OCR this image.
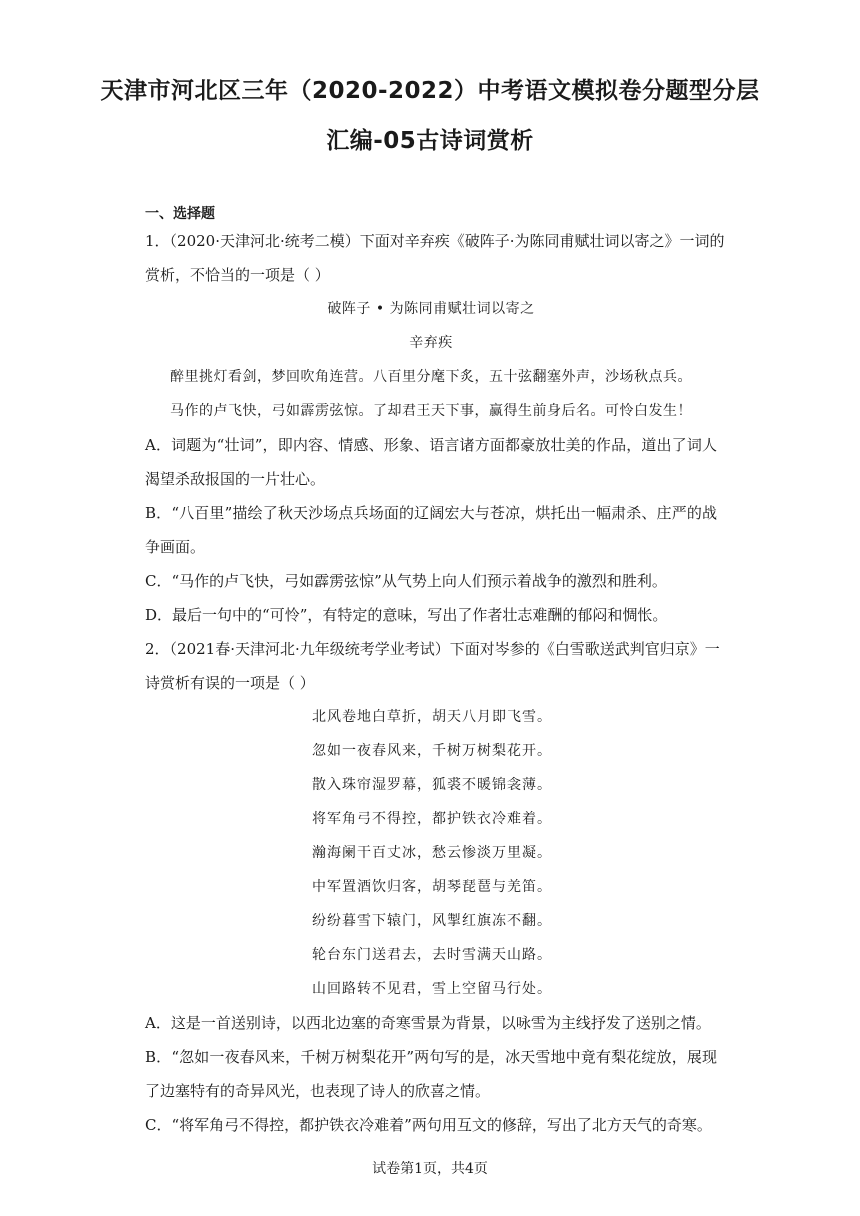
天津市河北区三年（2020-2022）中考语文模拟卷分题型分层
汇编-05古诗词赏析
一、选择题
1．（2020·天津河北·统考二模）下面对辛弃疾《破阵子·为陈同甫赋壮词以寄之》一词的
赏析，不恰当的一项是（ ）
破阵子 • 为陈同甫赋壮词以寄之
辛弃疾
醉里挑灯看剑，梦回吹角连营。八百里分麾下炙，五十弦翻塞外声，沙场秋点兵。
马作的卢飞快，弓如霹雳弦惊。了却君王天下事，赢得生前身后名。可怜白发生！
A．词题为“壮词”，即内容、情感、形象、语言诸方面都豪放壮美的作品，道出了词人
渴望杀敌报国的一片壮心。
B．“八百里”描绘了秋天沙场点兵场面的辽阔宏大与苍凉，烘托出一幅肃杀、庄严的战
争画面。
C．“马作的卢飞快，弓如霹雳弦惊”从气势上向人们预示着战争的激烈和胜利。
D．最后一句中的“可怜”，有特定的意味，写出了作者壮志难酬的郁闷和惆怅。
2．（2021春·天津河北·九年级统考学业考试）下面对岑参的《白雪歌送武判官归京》一
诗赏析有误的一项是（ ）
北风卷地白草折，胡天八月即飞雪。
忽如一夜春风来，千树万树梨花开。
散入珠帘湿罗幕，狐裘不暖锦衾薄。
将军角弓不得控，都护铁衣冷难着。
瀚海阑干百丈冰，愁云惨淡万里凝。
中军置酒饮归客，胡琴琵琶与羌笛。
纷纷暮雪下辕门，风掣红旗冻不翻。
轮台东门送君去，去时雪满天山路。
山回路转不见君，雪上空留马行处。
A．这是一首送别诗，以西北边塞的奇寒雪景为背景，以咏雪为主线抒发了送别之情。
B．“忽如一夜春风来，千树万树梨花开”两句写的是，冰天雪地中竟有梨花绽放，展现
了边塞特有的奇异风光，也表现了诗人的欣喜之情。
C．“将军角弓不得控，都护铁衣冷难着”两句用互文的修辞，写出了北方天气的奇寒。
试卷第1页，共4页
